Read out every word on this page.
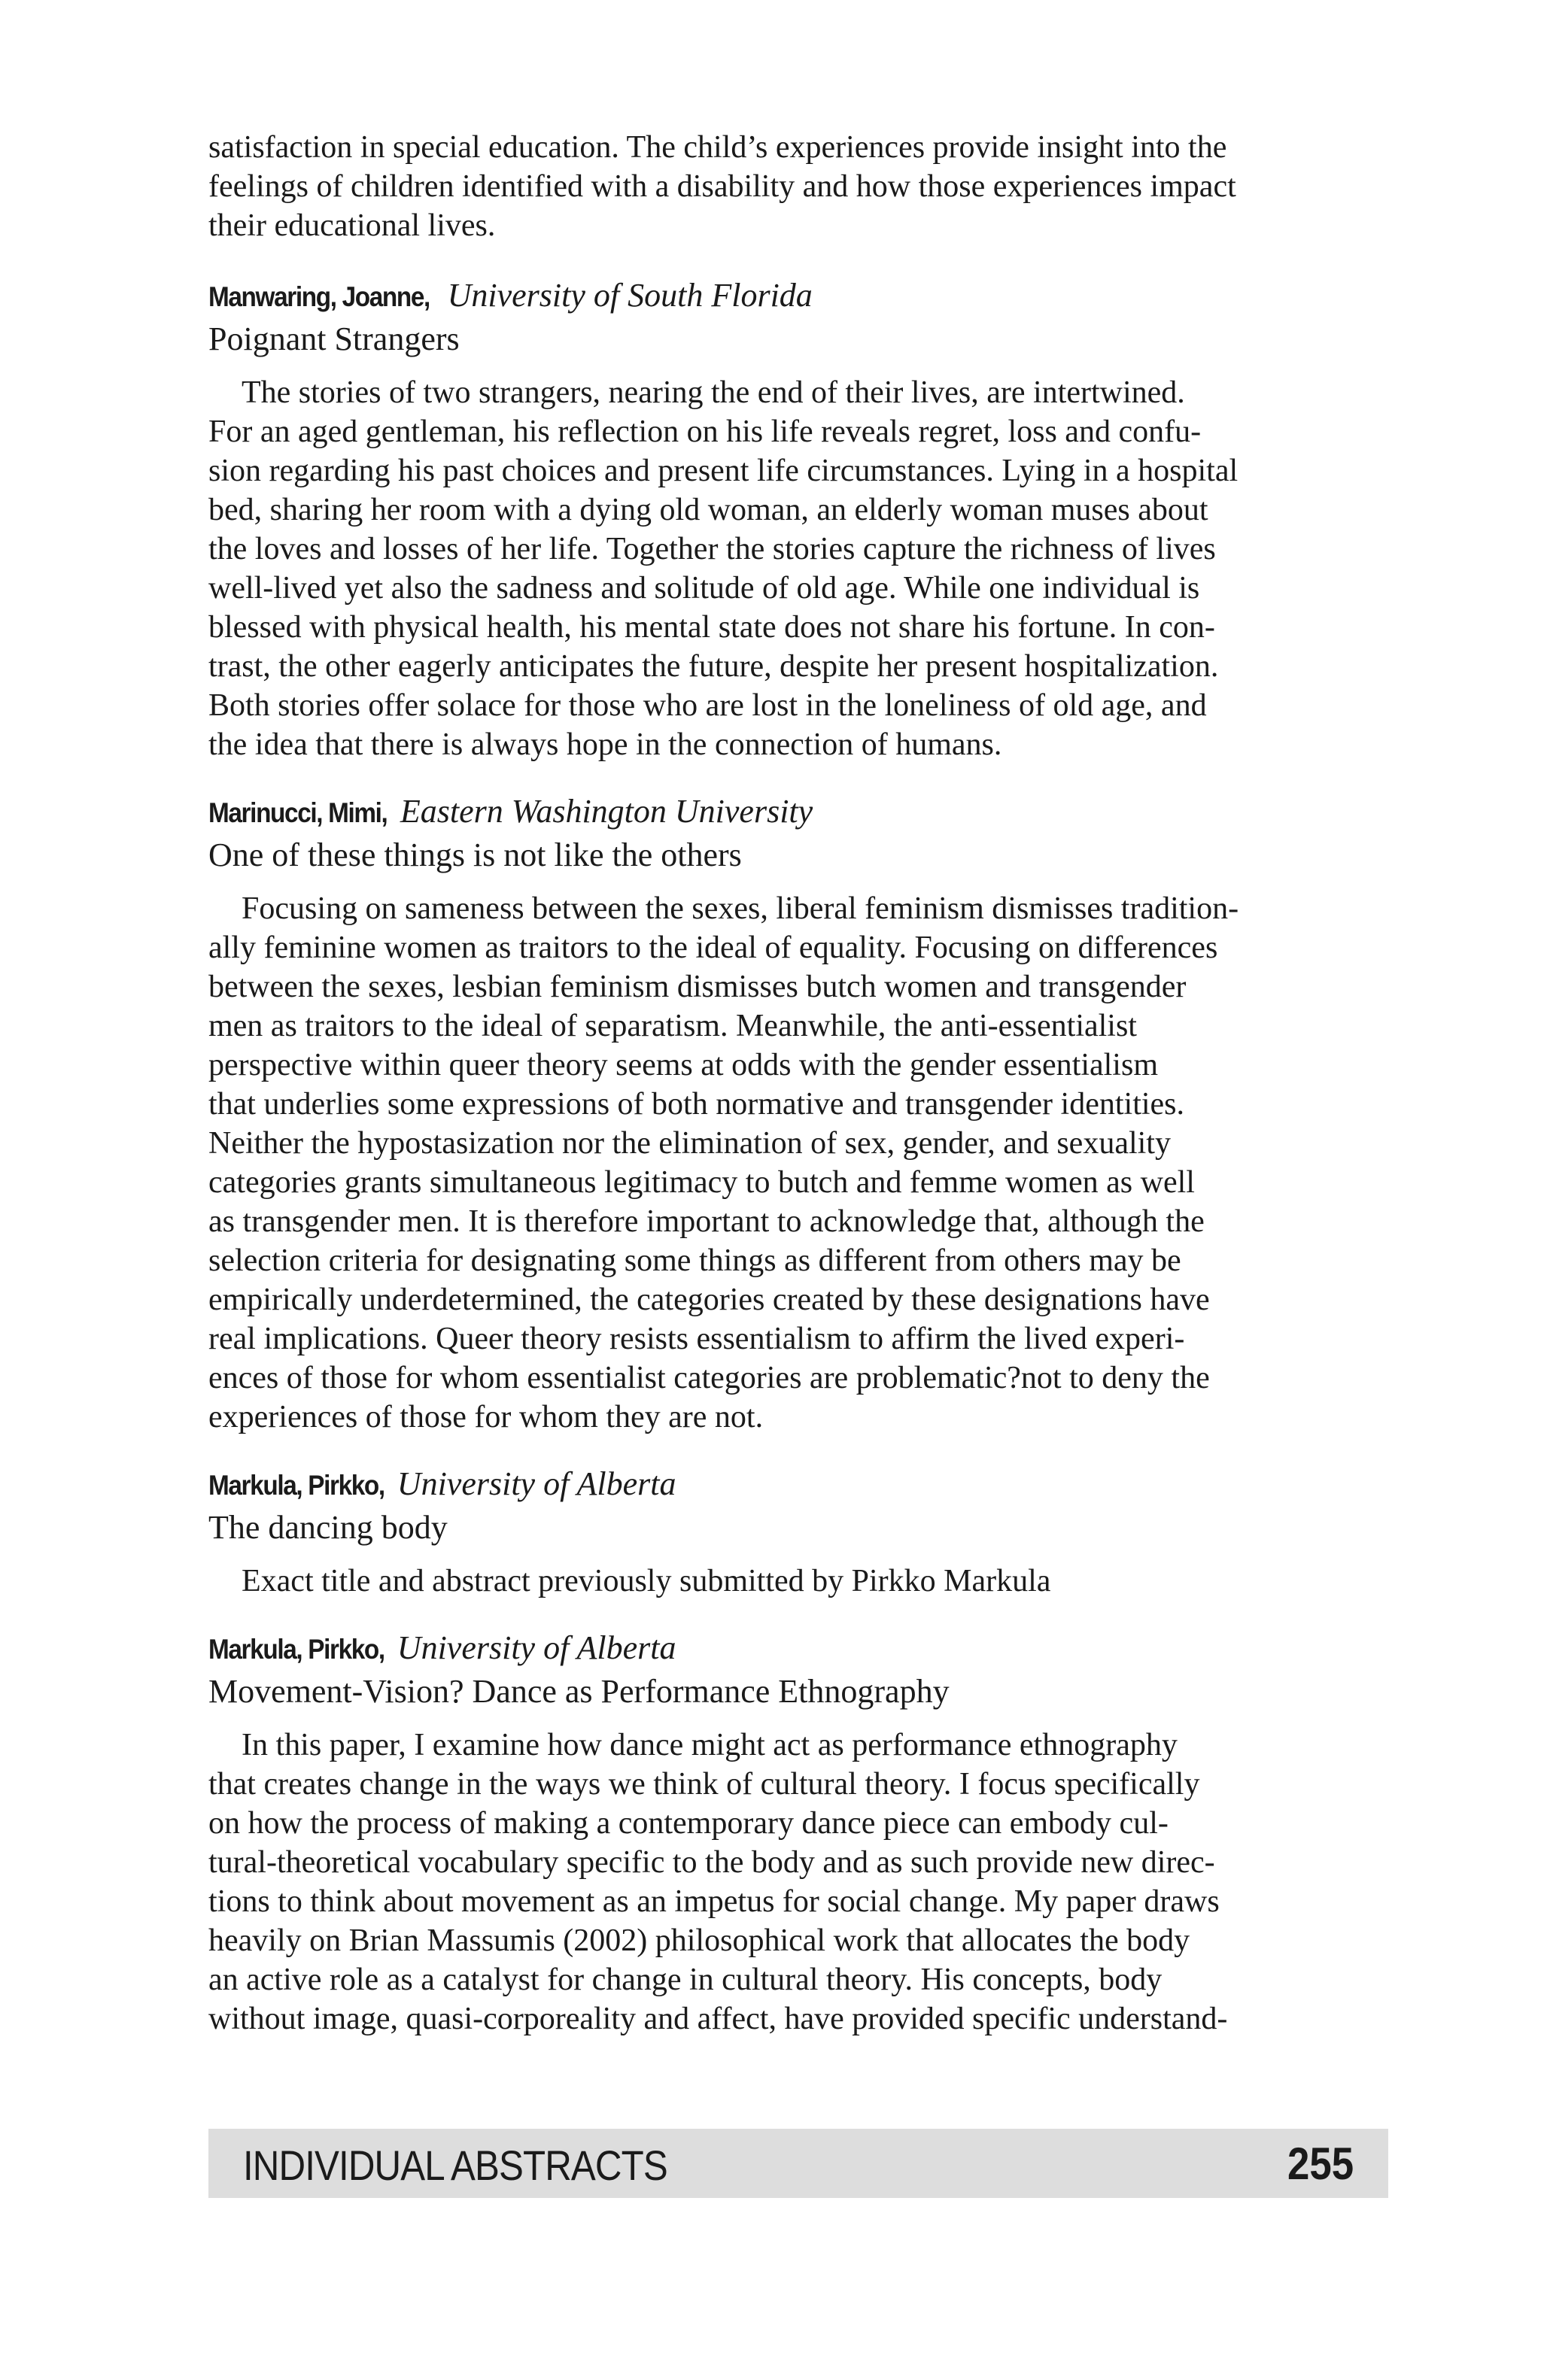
satisfaction in special education. The child’s experiences provide insight into the
feelings of children identified with a disability and how those experiences impact
their educational lives.

Manwaring, Joanne, University of South Florida

Poignant Strangers

The stories of two strangers, nearing the end of their lives, are intertwined.
For an aged gentleman, his reflection on his life reveals regret, loss and confu-
sion regarding his past choices and present life circumstances. Lying in a hospital
bed, sharing her room with a dying old woman, an elderly woman muses about
the loves and losses of her life. Together the stories capture the richness of lives
well-lived yet also the sadness and solitude of old age. While one individual is
blessed with physical health, his mental state does not share his fortune. In con-
trast, the other eagerly anticipates the future, despite her present hospitalization.
Both stories offer solace for those who are lost in the loneliness of old age, and
the idea that there is always hope in the connection of humans.

Marinucci, Mimi, Eastern Washington University

One of these things is not like the others

Focusing on sameness between the sexes, liberal feminism dismisses tradition-
ally feminine women as traitors to the ideal of equality. Focusing on differences
between the sexes, lesbian feminism dismisses butch women and transgender
men as traitors to the ideal of separatism. Meanwhile, the anti-essentialist
perspective within queer theory seems at odds with the gender essentialism
that underlies some expressions of both normative and transgender identities.
Neither the hypostasization nor the elimination of sex, gender, and sexuality
categories grants simultaneous legitimacy to butch and femme women as well
as transgender men. It is therefore important to acknowledge that, although the
selection criteria for designating some things as different from others may be
empirically underdetermined, the categories created by these designations have
real implications. Queer theory resists essentialism to affirm the lived experi-
ences of those for whom essentialist categories are problematic?not to deny the
experiences of those for whom they are not.

Markula, Pirkko, University of Alberta

The dancing body

Exact title and abstract previously submitted by Pirkko Markula

Markula, Pirkko, University of Alberta

Movement-Vision? Dance as Performance Ethnography

In this paper, I examine how dance might act as performance ethnography
that creates change in the ways we think of cultural theory. I focus specifically
on how the process of making a contemporary dance piece can embody cul-
tural-theoretical vocabulary specific to the body and as such provide new direc-
tions to think about movement as an impetus for social change. My paper draws
heavily on Brian Massumis (2002) philosophical work that allocates the body
an active role as a catalyst for change in cultural theory. His concepts, body
without image, quasi-corporeality and affect, have provided specific understand-

INDIVIDUAL ABSTRACTS	255
